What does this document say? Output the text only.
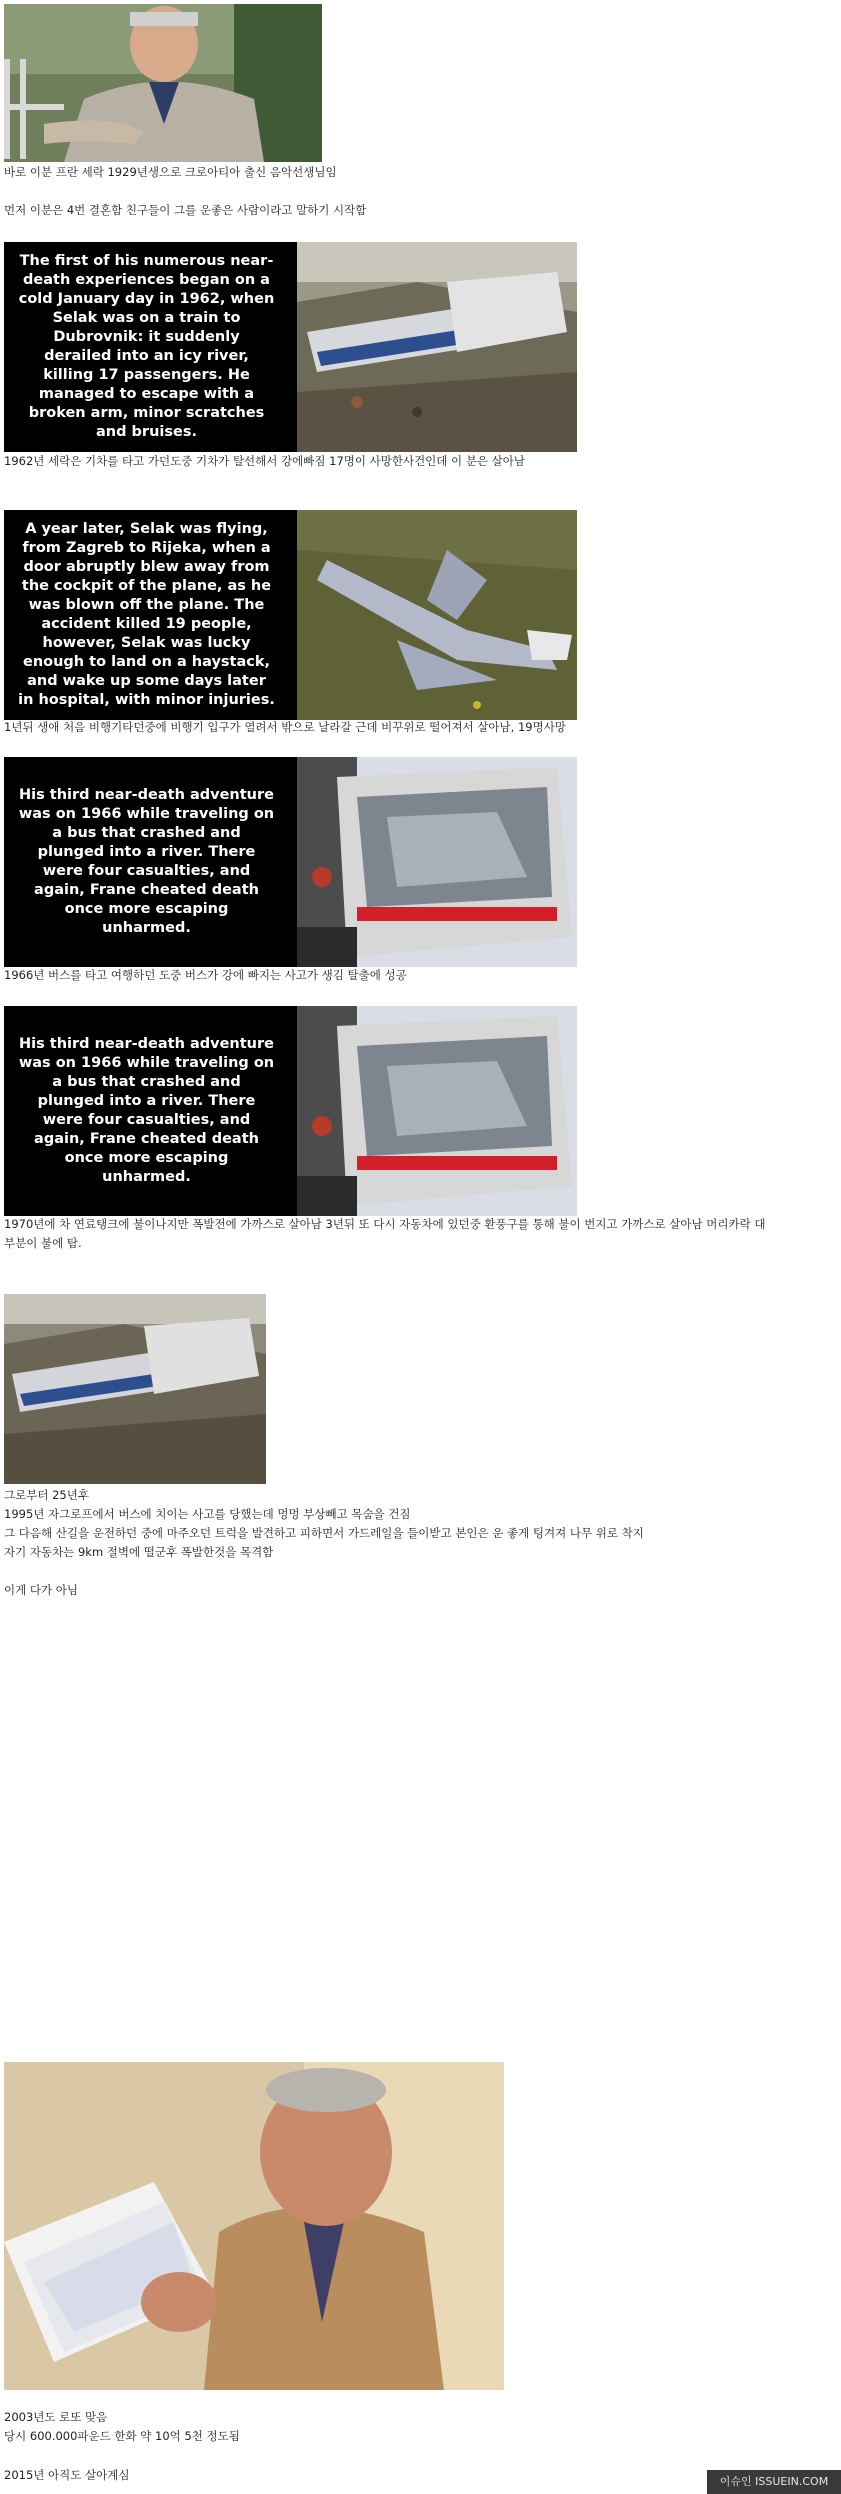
바로 이분 프란 세락 1929년생으로 크로아티아 출신 음악선생님임
먼저 이분은 4번 결혼함 친구들이 그를 운좋은 사람이라고 말하기 시작함
The first of his numerous near-death experiences began on a cold January day in 1962, when Selak was on a train to Dubrovnik: it suddenly derailed into an icy river, killing 17 passengers. He managed to escape with a broken arm, minor scratches and bruises.
1962년 세락은 기차를 타고 가던도중 기차가 탈선해서 강에빠짐 17명이 사망한사건인데 이 분은 살아남
A year later, Selak was flying, from Zagreb to Rijeka, when a door abruptly blew away from the cockpit of the plane, as he was blown off the plane. The accident killed 19 people, however, Selak was lucky enough to land on a haystack, and wake up some days later in hospital, with minor injuries.
1년뒤 생애 처음 비행기타던중에 비행기 입구가 열려서 밖으로 날라갈 근데 비꾸위로 떨어져서 살아남, 19명사망
His third near-death adventure was on 1966 while traveling on a bus that crashed and plunged into a river. There were four casualties, and again, Frane cheated death once more escaping unharmed.
1966년 버스를 타고 여행하던 도중 버스가 강에 빠지는 사고가 생김 탈출에 성공
His third near-death adventure was on 1966 while traveling on a bus that crashed and plunged into a river. There were four casualties, and again, Frane cheated death once more escaping unharmed.
1970년에 차 연료탱크에 불이나지만 폭발전에 가까스로 살아남 3년뒤 또 다시 자동차에 있던중 환풍구를 통해 불이 번지고 가까스로 살아남 머리카락 대
부분이 불에 탐.
그로부터 25년후
1995년 자그로프에서 버스에 치이는 사고를 당했는데 멍멍 부상빼고 목숨을 건짐
그 다음해 산길을 운전하던 중에 마주오던 트럭을 발견하고 피하면서 가드레일을 들이받고 본인은 운 좋게 팅겨져 나무 위로 착지
자기 자동차는 9km 절벽에 떨군후 폭발한것을 목격함
이게 다가 아님
2003년도 로또 맞음
당시 600.000파운드 한화 약 10억 5천 정도됨
2015년 아직도 살아계심	이슈인 ISSUEIN.COM
